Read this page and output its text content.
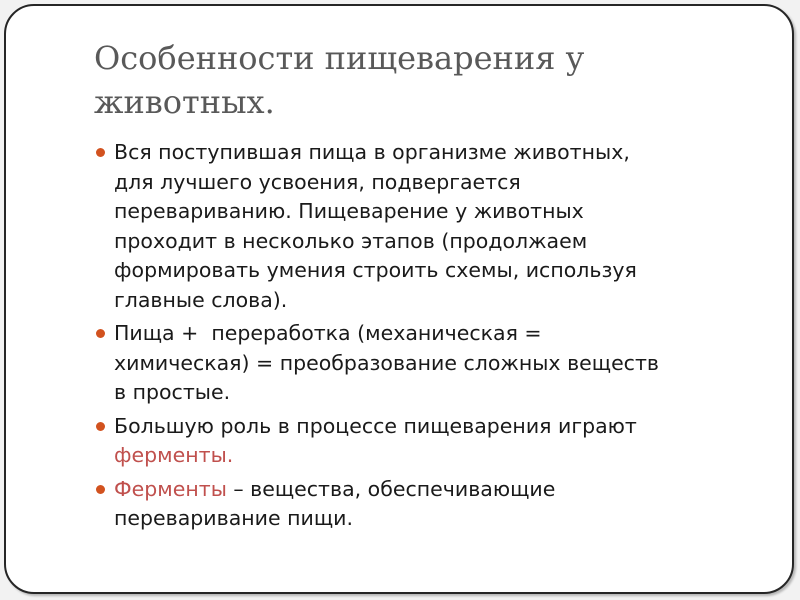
Особенности пищеварения у
животных.
Вся поступившая пища в организме животных,
для лучшего усвоения, подвергается
перевариванию. Пищеварение у животных
проходит в несколько этапов (продолжаем
формировать умения строить схемы, используя
главные слова).
Пища +  переработка (механическая =
химическая) = преобразование сложных веществ
в простые.
Большую роль в процессе пищеварения играют
ферменты.
Ферменты – вещества, обеспечивающие
переваривание пищи.
